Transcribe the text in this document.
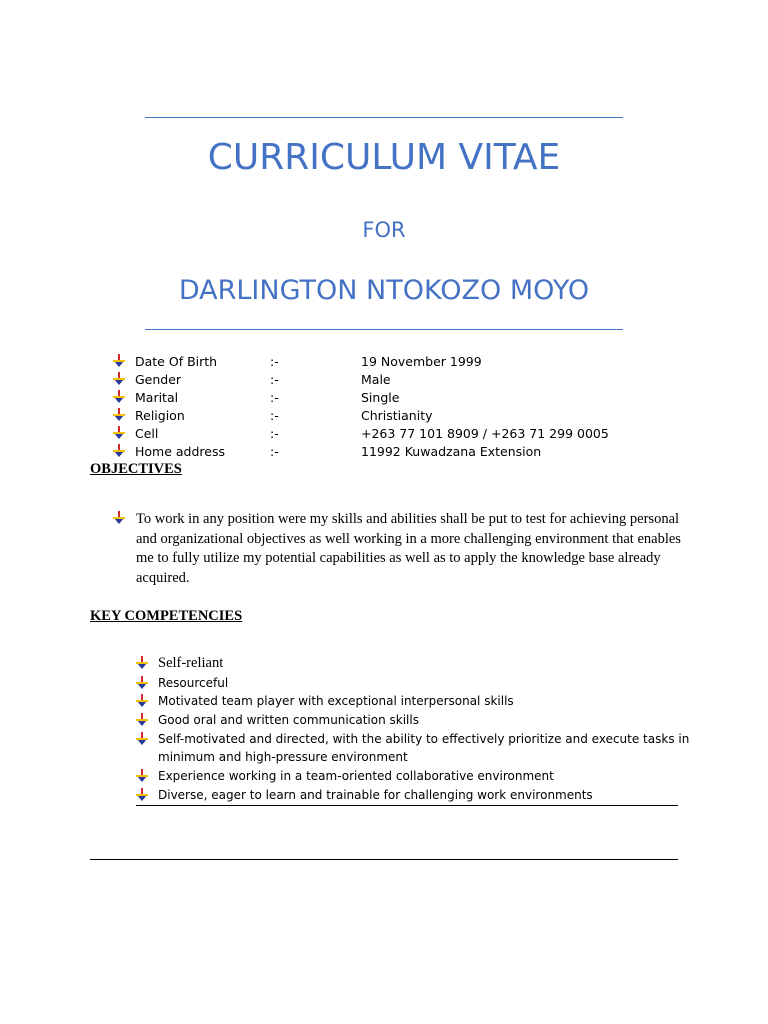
CURRICULUM VITAE
FOR
DARLINGTON NTOKOZO MOYO
Date Of Birth	:-	19 November 1999
Gender	:-	Male
Marital	:-	Single
Religion	:-	Christianity
Cell	:-	+263 77 101 8909 / +263 71 299 0005
Home address	:-	11992 Kuwadzana Extension
OBJECTIVES

To work in any position were my skills and abilities shall be put to test for achieving personal and organizational objectives as well working in a more challenging environment that enables me to fully utilize my potential capabilities as well as to apply the knowledge base already acquired.

KEY COMPETENCIES
Self-reliant
Resourceful
Motivated team player with exceptional interpersonal skills
Good oral and written communication skills
Self-motivated and directed, with the ability to effectively prioritize and execute tasks in
minimum and high-pressure environment
Experience working in a team-oriented collaborative environment
Diverse, eager to learn and trainable for challenging work environments
